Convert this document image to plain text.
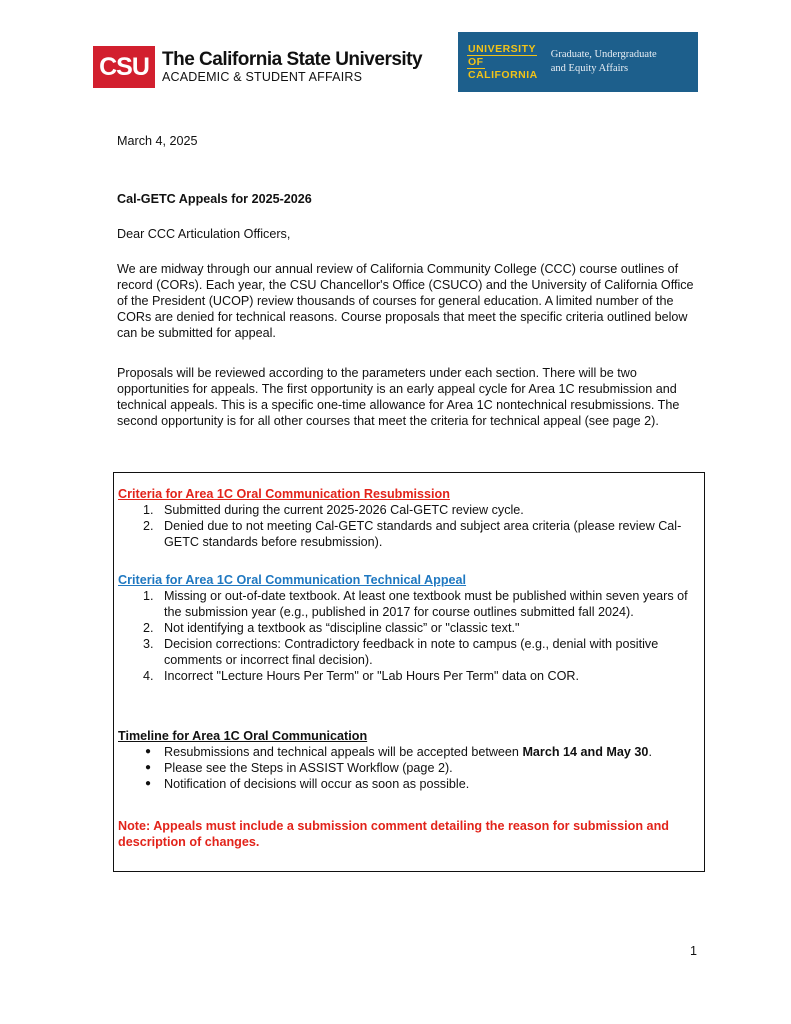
CSU The California State University
ACADEMIC & STUDENT AFFAIRS
UNIVERSITY
OF
CALIFORNIA
Graduate, Undergraduate
and Equity Affairs
March 4, 2025
Cal-GETC Appeals for 2025-2026
Dear CCC Articulation Officers,
We are midway through our annual review of California Community College (CCC) course outlines of record (CORs). Each year, the CSU Chancellor's Office (CSUCO) and the University of California Office of the President (UCOP) review thousands of courses for general education. A limited number of the CORs are denied for technical reasons. Course proposals that meet the specific criteria outlined below can be submitted for appeal.
Proposals will be reviewed according to the parameters under each section. There will be two opportunities for appeals. The first opportunity is an early appeal cycle for Area 1C resubmission and technical appeals. This is a specific one-time allowance for Area 1C nontechnical resubmissions. The second opportunity is for all other courses that meet the criteria for technical appeal (see page 2).
Criteria for Area 1C Oral Communication Resubmission
1. Submitted during the current 2025-2026 Cal-GETC review cycle.
2. Denied due to not meeting Cal-GETC standards and subject area criteria (please review Cal-GETC standards before resubmission).
Criteria for Area 1C Oral Communication Technical Appeal
1. Missing or out-of-date textbook. At least one textbook must be published within seven years of the submission year (e.g., published in 2017 for course outlines submitted fall 2024).
2. Not identifying a textbook as “discipline classic” or "classic text."
3. Decision corrections: Contradictory feedback in note to campus (e.g., denial with positive comments or incorrect final decision).
4. Incorrect "Lecture Hours Per Term" or "Lab Hours Per Term" data on COR.
Timeline for Area 1C Oral Communication
● Resubmissions and technical appeals will be accepted between March 14 and May 30.
● Please see the Steps in ASSIST Workflow (page 2).
● Notification of decisions will occur as soon as possible.
Note: Appeals must include a submission comment detailing the reason for submission and description of changes.
1
